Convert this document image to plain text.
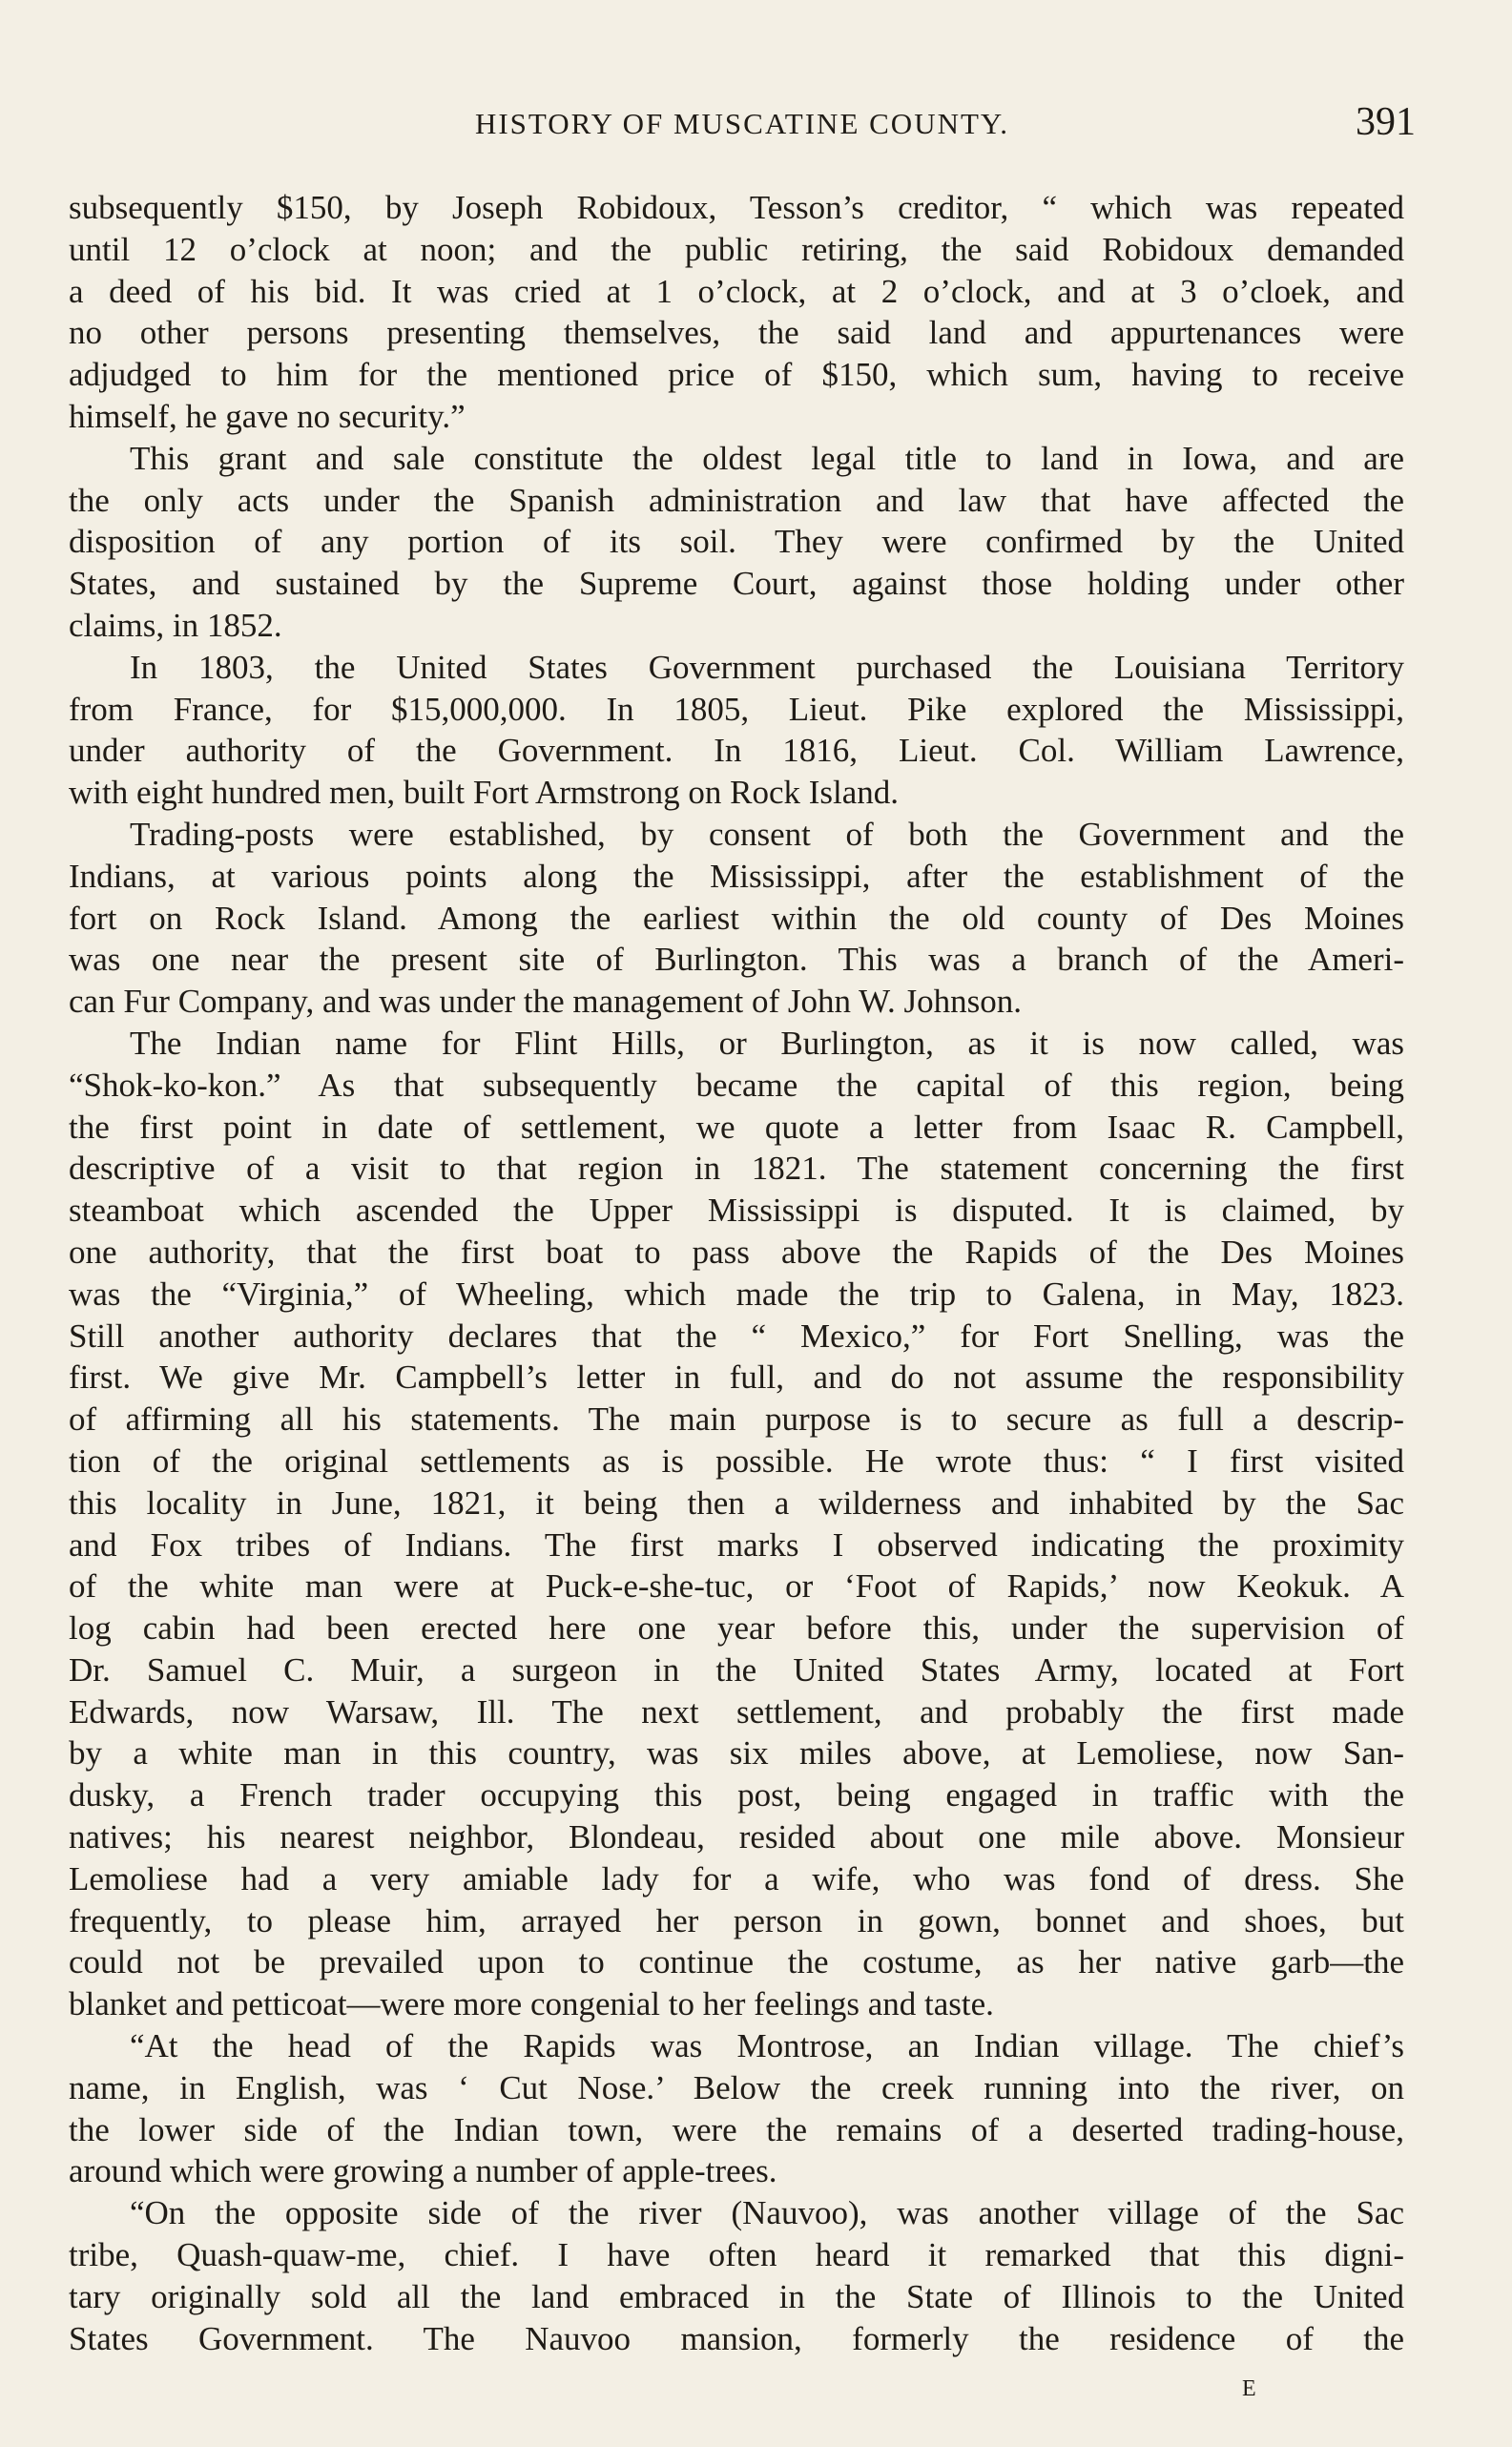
HISTORY OF MUSCATINE COUNTY.	391
subsequently $150, by Joseph Robidoux, Tesson’s creditor, “ which was repeated
until 12 o’clock at noon; and the public retiring, the said Robidoux demanded
a deed of his bid. It was cried at 1 o’clock, at 2 o’clock, and at 3 o’cloek, and
no other persons presenting themselves, the said land and appurtenances were
adjudged to him for the mentioned price of $150, which sum, having to receive
himself, he gave no security.”
This grant and sale constitute the oldest legal title to land in Iowa, and are
the only acts under the Spanish administration and law that have affected the
disposition of any portion of its soil. They were confirmed by the United
States, and sustained by the Supreme Court, against those holding under other
claims, in 1852.
In 1803, the United States Government purchased the Louisiana Territory
from France, for $15,000,000. In 1805, Lieut. Pike explored the Mississippi,
under authority of the Government. In 1816, Lieut. Col. William Lawrence,
with eight hundred men, built Fort Armstrong on Rock Island.
Trading-posts were established, by consent of both the Government and the
Indians, at various points along the Mississippi, after the establishment of the
fort on Rock Island. Among the earliest within the old county of Des Moines
was one near the present site of Burlington. This was a branch of the Ameri-
can Fur Company, and was under the management of John W. Johnson.
The Indian name for Flint Hills, or Burlington, as it is now called, was
“Shok-ko-kon.” As that subsequently became the capital of this region, being
the first point in date of settlement, we quote a letter from Isaac R. Campbell,
descriptive of a visit to that region in 1821. The statement concerning the first
steamboat which ascended the Upper Mississippi is disputed. It is claimed, by
one authority, that the first boat to pass above the Rapids of the Des Moines
was the “Virginia,” of Wheeling, which made the trip to Galena, in May, 1823.
Still another authority declares that the “ Mexico,” for Fort Snelling, was the
first. We give Mr. Campbell’s letter in full, and do not assume the responsibility
of affirming all his statements. The main purpose is to secure as full a descrip-
tion of the original settlements as is possible. He wrote thus: “ I first visited
this locality in June, 1821, it being then a wilderness and inhabited by the Sac
and Fox tribes of Indians. The first marks I observed indicating the proximity
of the white man were at Puck-e-she-tuc, or ‘Foot of Rapids,’ now Keokuk. A
log cabin had been erected here one year before this, under the supervision of
Dr. Samuel C. Muir, a surgeon in the United States Army, located at Fort
Edwards, now Warsaw, Ill. The next settlement, and probably the first made
by a white man in this country, was six miles above, at Lemoliese, now San-
dusky, a French trader occupying this post, being engaged in traffic with the
natives; his nearest neighbor, Blondeau, resided about one mile above. Monsieur
Lemoliese had a very amiable lady for a wife, who was fond of dress. She
frequently, to please him, arrayed her person in gown, bonnet and shoes, but
could not be prevailed upon to continue the costume, as her native garb—the
blanket and petticoat—were more congenial to her feelings and taste.
“At the head of the Rapids was Montrose, an Indian village. The chief’s
name, in English, was ‘ Cut Nose.’ Below the creek running into the river, on
the lower side of the Indian town, were the remains of a deserted trading-house,
around which were growing a number of apple-trees.
“On the opposite side of the river (Nauvoo), was another village of the Sac
tribe, Quash-quaw-me, chief. I have often heard it remarked that this digni-
tary originally sold all the land embraced in the State of Illinois to the United
States Government. The Nauvoo mansion, formerly the residence of the
E
